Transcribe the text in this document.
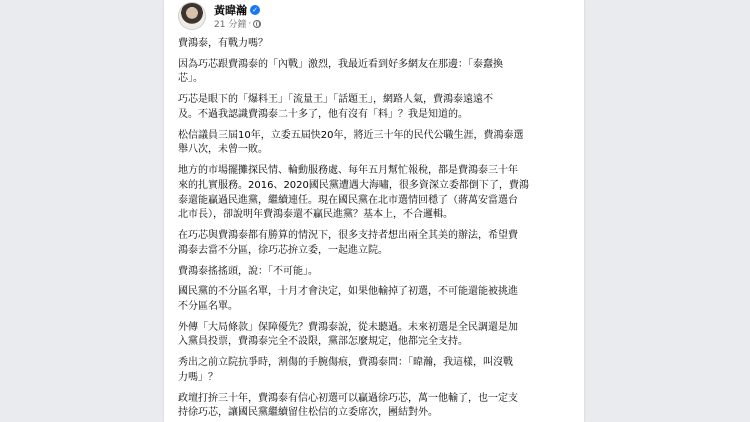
黃暐瀚 ✓
21 分鐘 ·

費鴻泰，有戰力嗎？

因為巧芯跟費鴻泰的「內戰」激烈，我最近看到好多網友在那邊：「泰蠢換
芯」。

巧芯是眼下的「爆料王」「流量王」「話題王」，網路人氣，費鴻泰遠遠不
及。不過我認識費鴻泰二十多了，他有沒有「料」？我是知道的。

松信議員三屆10年，立委五屆快20年，將近三十年的民代公職生涯，費鴻泰選
舉八次，未曾一敗。

地方的市場擺攤探民情、輪動服務處、每年五月幫忙報稅，都是費鴻泰三十年
來的扎實服務。2016、2020國民黨遭遇大海嘯，很多資深立委都倒下了，費鴻
泰還能贏過民進黨，繼續連任。現在國民黨在北市選情回穩了（蔣萬安當選台
北市長），卻說明年費鴻泰還不贏民進黨？基本上，不合邏輯。

在巧芯與費鴻泰都有勝算的情況下，很多支持者想出兩全其美的辦法，希望費
鴻泰去當不分區，徐巧芯拚立委，一起進立院。

費鴻泰搖搖頭，說：「不可能」。

國民黨的不分區名單，十月才會決定，如果他輸掉了初選，不可能還能被挑進
不分區名單。

外傳「大局條款」保障優先？費鴻泰說，從未聽過。未來初選是全民調還是加
入黨員投票，費鴻泰完全不設限，黨部怎麼規定，他都完全支持。

秀出之前立院抗爭時，割傷的手腕傷痕，費鴻泰問：「暐瀚，我這樣，叫沒戰
力嗎」？

政壇打拚三十年，費鴻泰有信心初選可以贏過徐巧芯，萬一他輸了，也一定支
持徐巧芯，讓國民黨繼續留住松信的立委席次，團結對外。
